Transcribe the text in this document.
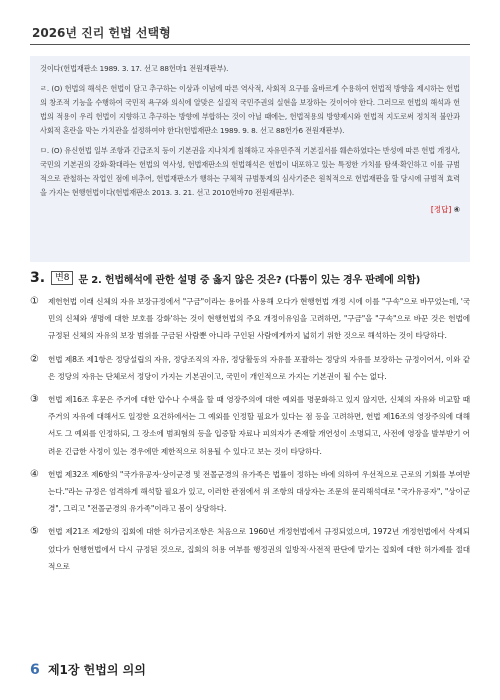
2026년 진리 헌법 선택형

것이다(헌법재판소 1989. 3. 17. 선고 88헌마1 전원재판부).

ㄹ. (O) 헌법의 해석은 헌법이 담고 추구하는 이상과 이념에 따른 역사적, 사회적 요구를 올바르게 수용하여 헌법적 방향을 제시하는 헌법의 창조적 기능을 수행하여 국민적 욕구와 의식에 알맞은 실질적 국민주권의 실현을 보장하는 것이어야 한다. 그러므로 헌법의 해석과 헌법의 적용이 우리 헌법이 지향하고 추구하는 방향에 부합하는 것이 아닐 때에는, 헌법적용의 방향제시와 헌법적 지도로써 정치적 불안과 사회적 혼란을 막는 가치관을 설정하여야 한다(헌법재판소 1989. 9. 8. 선고 88헌가6 전원재판부).

ㅁ. (O) 유신헌법 일부 조항과 긴급조치 등이 기본권을 지나치게 침해하고 자유민주적 기본질서를 훼손하였다는 반성에 따른 헌법 개정사, 국민의 기본권의 강화·확대라는 헌법의 역사성, 헌법재판소의 헌법해석은 헌법이 내포하고 있는 특정한 가치를 탐색·확인하고 이를 규범적으로 관철하는 작업인 점에 비추어, 헌법재판소가 행하는 구체적 규범통제의 심사기준은 원칙적으로 헌법재판을 할 당시에 규범적 효력을 가지는 현행헌법이다(헌법재판소 2013. 3. 21. 선고 2010헌바70 전원재판부).

[정답] ④
3.	변8 문 2. 헌법해석에 관한 설명 중 옳지 않은 것은? (다툼이 있는 경우 판례에 의함)
①	제헌헌법 이래 신체의 자유 보장규정에서 "구금"이라는 용어를 사용해 오다가 현행헌법 개정 시에 이를 "구속"으로 바꾸었는데, '국민의 신체와 생명에 대한 보호를 강화'하는 것이 현행헌법의 주요 개정이유임을 고려하면, "구금"을 "구속"으로 바꾼 것은 헌법에 규정된 신체의 자유의 보장 범위를 구금된 사람뿐 아니라 구인된 사람에게까지 넓히기 위한 것으로 해석하는 것이 타당하다.
②	헌법 제8조 제1항은 정당설립의 자유, 정당조직의 자유, 정당활동의 자유를 포괄하는 정당의 자유를 보장하는 규정이어서, 이와 같은 정당의 자유는 단체로서 정당이 가지는 기본권이고, 국민이 개인적으로 가지는 기본권이 될 수는 없다.
③	헌법 제16조 후문은 주거에 대한 압수나 수색을 할 때 영장주의에 대한 예외를 명문화하고 있지 않지만, 신체의 자유와 비교할 때 주거의 자유에 대해서도 일정한 요건하에서는 그 예외를 인정할 필요가 있다는 점 등을 고려하면, 헌법 제16조의 영장주의에 대해서도 그 예외를 인정하되, 그 장소에 범죄혐의 등을 입증할 자료나 피의자가 존재할 개연성이 소명되고, 사전에 영장을 발부받기 어려운 긴급한 사정이 있는 경우에만 제한적으로 허용될 수 있다고 보는 것이 타당하다.
④	헌법 제32조 제6항의 "국가유공자·상이군경 및 전몰군경의 유가족은 법률이 정하는 바에 의하여 우선적으로 근로의 기회를 부여받는다."라는 규정은 엄격하게 해석할 필요가 있고, 이러한 관점에서 위 조항의 대상자는 조문의 문리해석대로 "국가유공자", "상이군경", 그리고 "전몰군경의 유가족"이라고 봄이 상당하다.
⑤	헌법 제21조 제2항의 집회에 대한 허가금지조항은 처음으로 1960년 개정헌법에서 규정되었으며, 1972년 개정헌법에서 삭제되었다가 현행헌법에서 다시 규정된 것으로, 집회의 허용 여부를 행정권의 일방적·사전적 판단에 맡기는 집회에 대한 허가제를 절대적으로
6 제1장 헌법의 의의
